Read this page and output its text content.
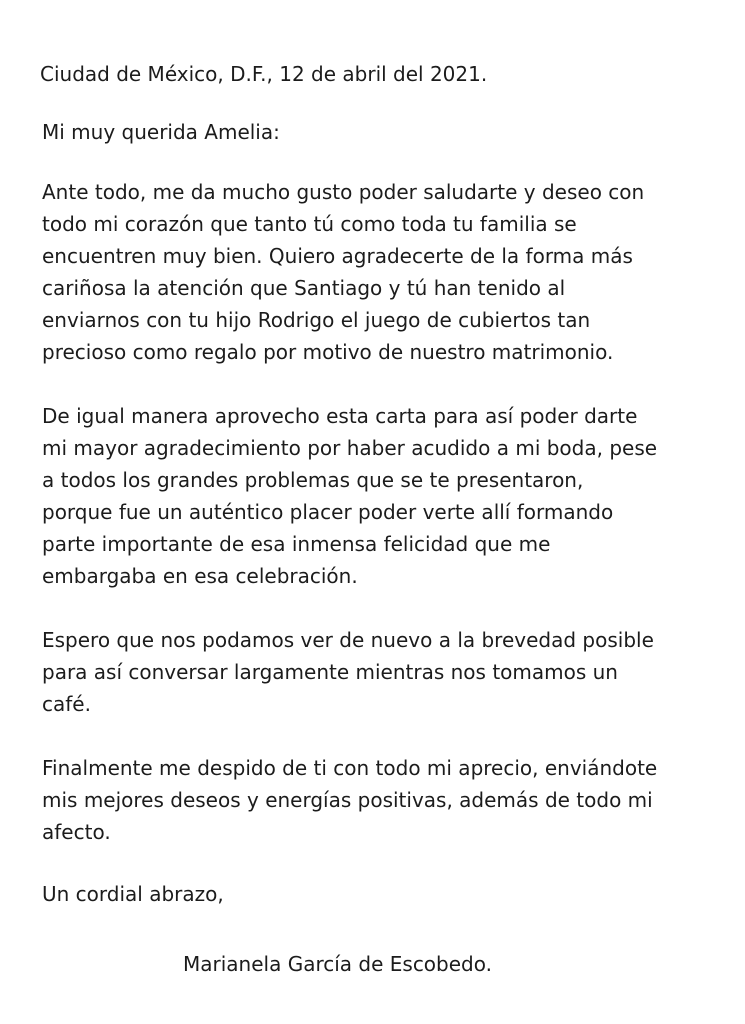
Ciudad de México, D.F., 12 de abril del 2021.

Mi muy querida Amelia:

Ante todo, me da mucho gusto poder saludarte y deseo con
todo mi corazón que tanto tú como toda tu familia se
encuentren muy bien. Quiero agradecerte de la forma más
cariñosa la atención que Santiago y tú han tenido al
enviarnos con tu hijo Rodrigo el juego de cubiertos tan
precioso como regalo por motivo de nuestro matrimonio.
De igual manera aprovecho esta carta para así poder darte
mi mayor agradecimiento por haber acudido a mi boda, pese
a todos los grandes problemas que se te presentaron,
porque fue un auténtico placer poder verte allí formando
parte importante de esa inmensa felicidad que me
embargaba en esa celebración.
Espero que nos podamos ver de nuevo a la brevedad posible
para así conversar largamente mientras nos tomamos un
café.
Finalmente me despido de ti con todo mi aprecio, enviándote
mis mejores deseos y energías positivas, además de todo mi
afecto.

Un cordial abrazo,

Marianela García de Escobedo.
